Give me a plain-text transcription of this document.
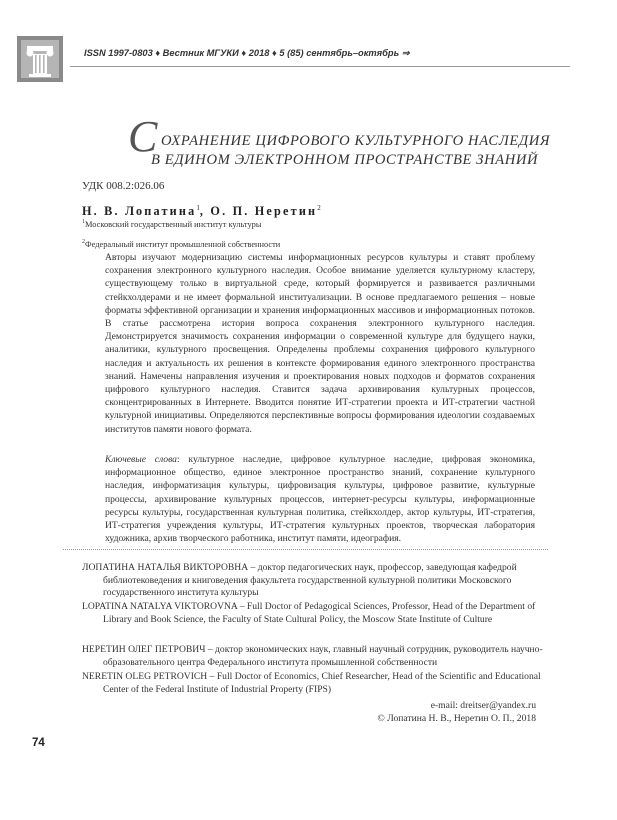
ISSN 1997-0803 ♦ Вестник МГУКИ ♦ 2018 ♦ 5 (85) сентябрь–октябрь ⇒
С ОХРАНЕНИЕ ЦИФРОВОГО КУЛЬТУРНОГО НАСЛЕДИЯ
В ЕДИНОМ ЭЛЕКТРОННОМ ПРОСТРАНСТВЕ ЗНАНИЙ
УДК 008.2:026.06
Н. В. Лопатина$^1$, О. П. Неретин$^2$
$^1$Московский государственный институт культуры
$^2$Федеральный институт промышленной собственности

Авторы изучают модернизацию системы информационных ресурсов культуры и ставят проблему сохранения электронного культурного наследия. Особое внимание уделяется культурному кластеру, существующему только в виртуальной среде, который формируется и развивается различными стейкхолдерами и не имеет формальной институализации. В основе предлагаемого решения – новые форматы эффективной организации и хранения информационных массивов и информационных потоков. В статье рассмотрена история вопроса сохранения электронного культурного наследия. Демонстрируется значимость сохранения информации о современной культуре для будущего науки, аналитики, культурного просвещения. Определены проблемы сохранения цифрового культурного наследия и актуальность их решения в контексте формирования единого электронного пространства знаний. Намечены направления изучения и проектирования новых подходов и форматов сохранения цифрового культурного наследия. Ставится задача архивирования культурных процессов, сконцентрированных в Интернете. Вводится понятие ИТ-стратегии проекта и ИТ-стратегии частной культурной инициативы. Определяются перспективные вопросы формирования идеологии создаваемых институтов памяти нового формата.

Ключевые слова: культурное наследие, цифровое культурное наследие, цифровая экономика, информационное общество, единое электронное пространство знаний, сохранение культурного наследия, информатизация культуры, цифровизация культуры, цифровое развитие, культурные процессы, архивирование культурных процессов, интернет-ресурсы культуры, информационные ресурсы культуры, государственная культурная политика, стейкхолдер, актор культуры, ИТ-стратегия, ИТ-стратегия учреждения культуры, ИТ-стратегия культурных проектов, творческая лаборатория художника, архив творческого работника, институт памяти, идеография.

ЛОПАТИНА НАТАЛЬЯ ВИКТОРОВНА – доктор педагогических наук, профессор, заведующая кафедрой библиотековедения и книговедения факультета государственной культурной политики Московского государственного института культуры

LOPATINA NATALYA VIKTOROVNA – Full Doctor of Pedagogical Sciences, Professor, Head of the Department of Library and Book Science, the Faculty of State Cultural Policy, the Moscow State Institute of Culture

НЕРЕТИН ОЛЕГ ПЕТРОВИЧ – доктор экономических наук, главный научный сотрудник, руководитель научно-образовательного центра Федерального института промышленной собственности

NERETIN OLEG PETROVICH – Full Doctor of Economics, Chief Researcher, Head of the Scientific and Educational Center of the Federal Institute of Industrial Property (FIPS)

e-mail: dreitser@yandex.ru
© Лопатина Н. В., Неретин О. П., 2018
74
